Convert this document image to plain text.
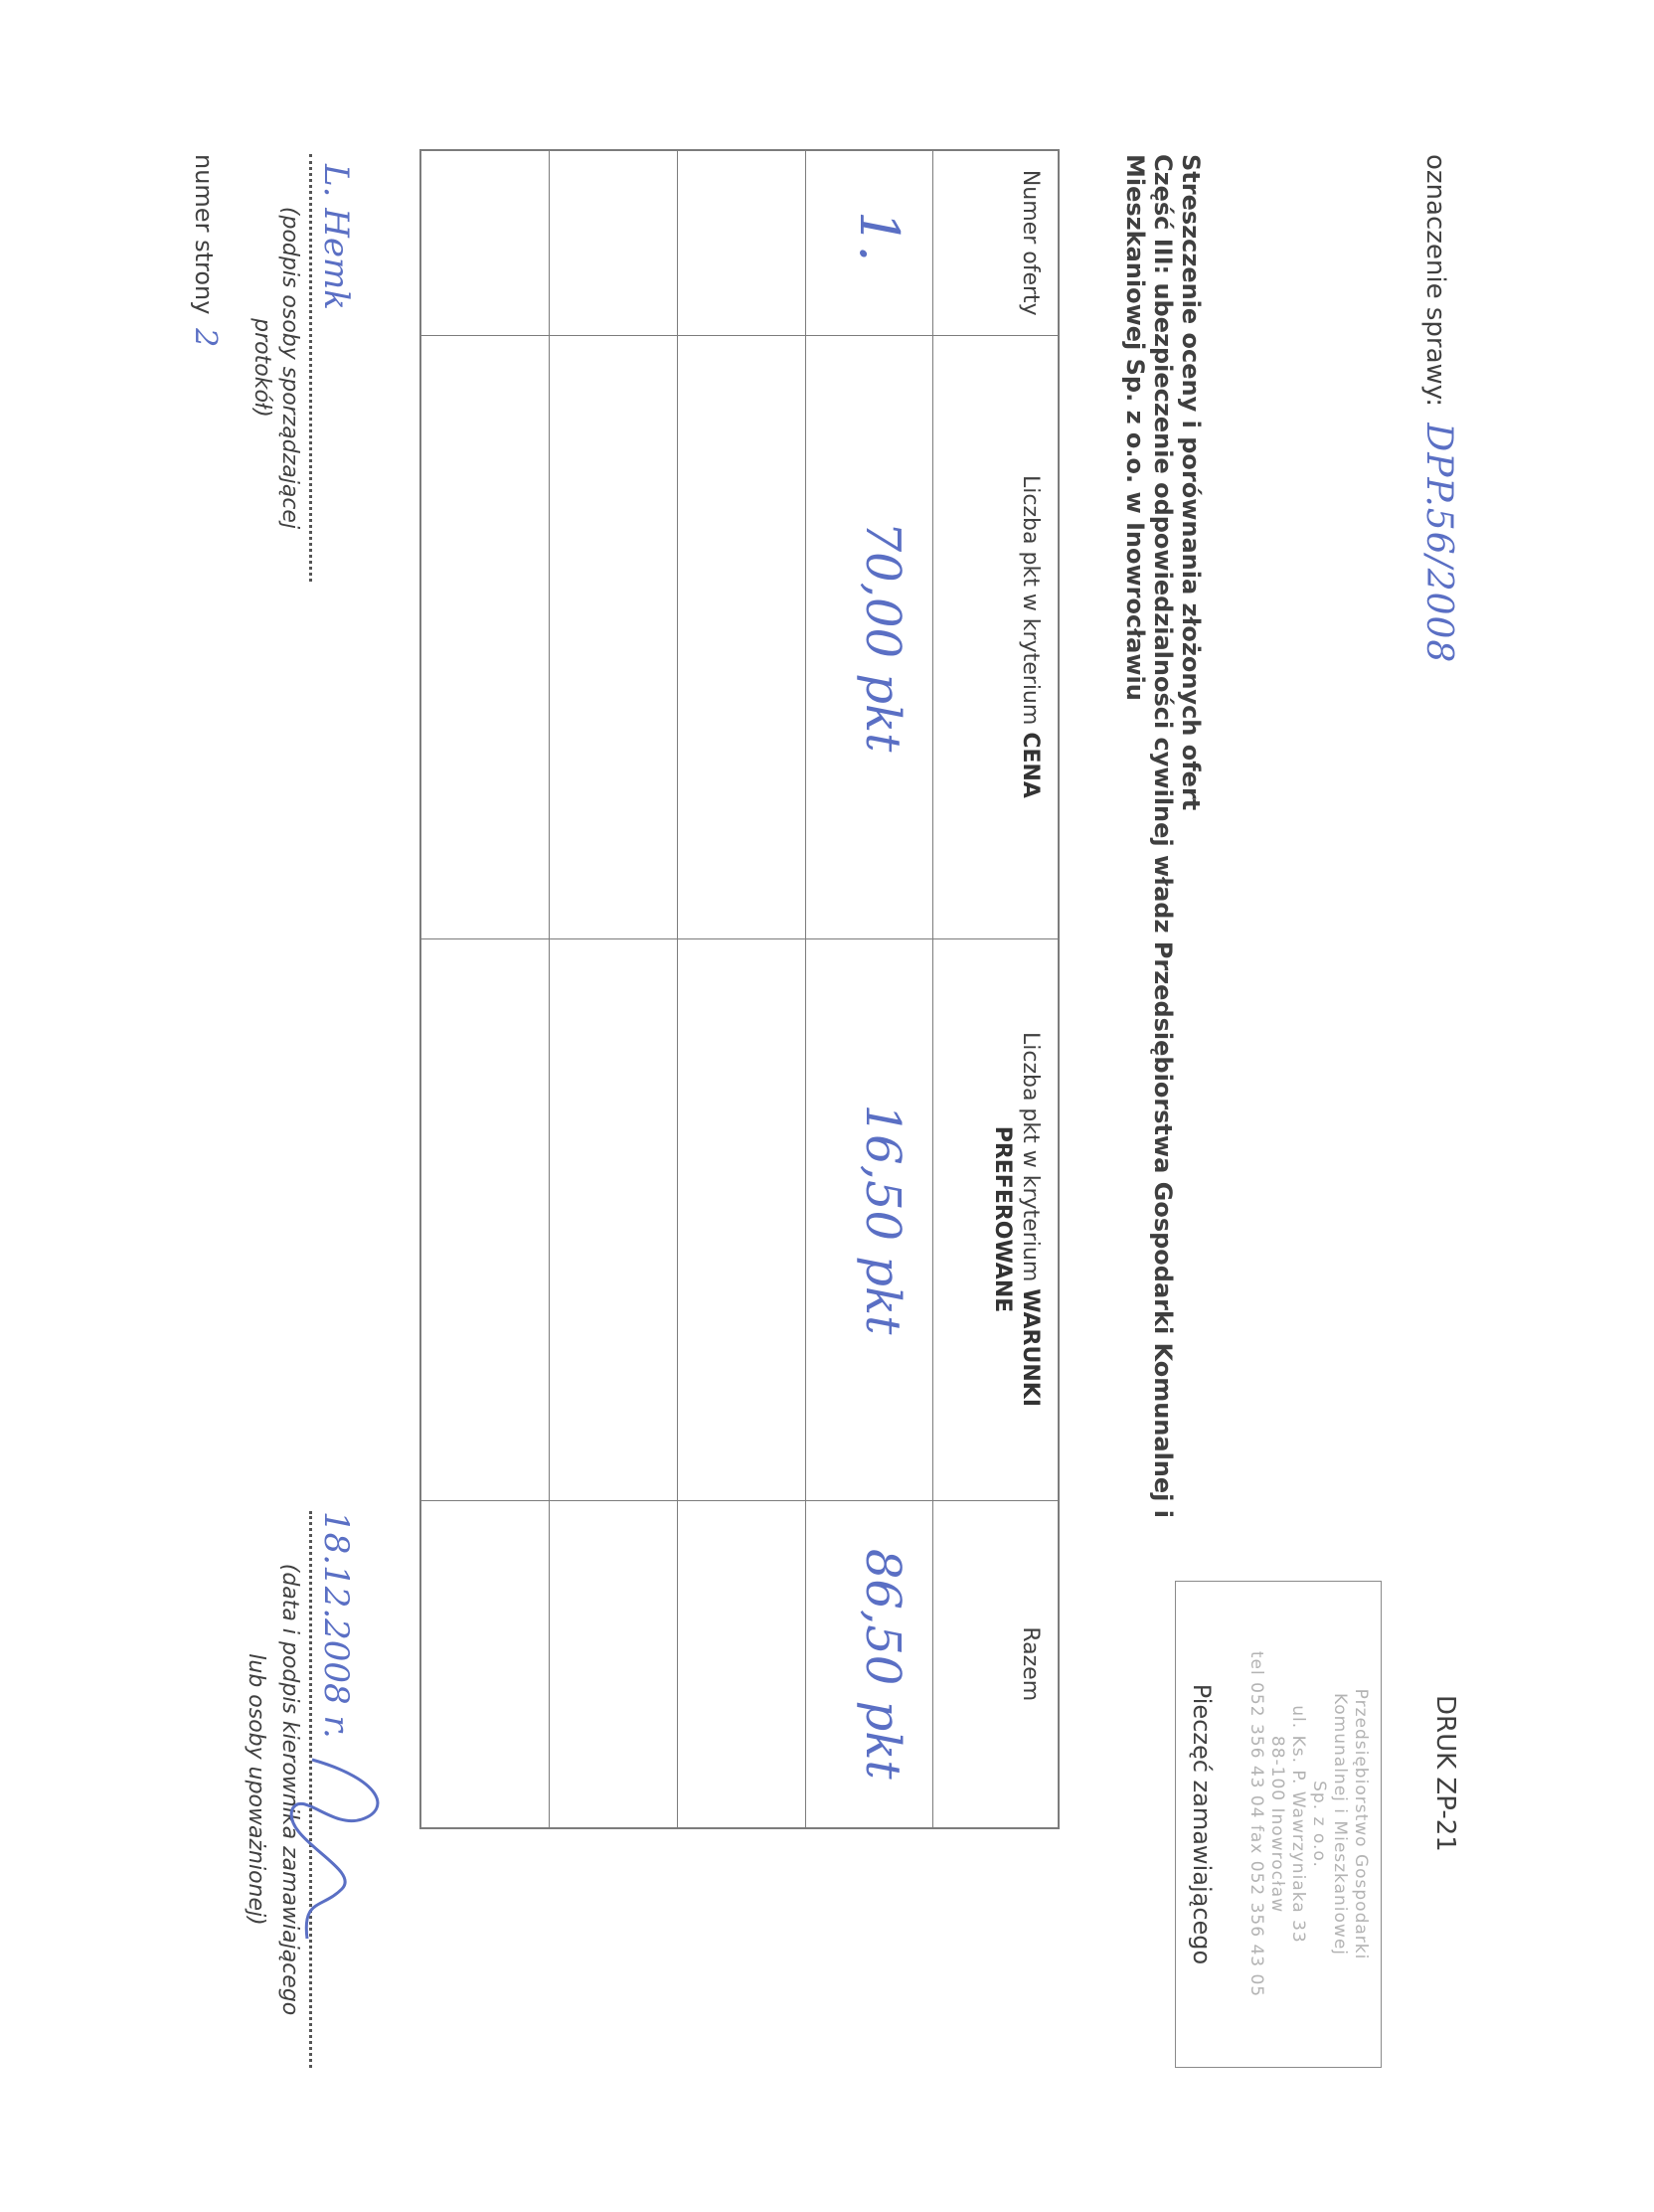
oznaczenie sprawy: DPP.56/2008
DRUK ZP-21
Przedsiębiorstwo Gospodarki
Komunalnej i Mieszkaniowej
Sp. z o.o.
ul. Ks. P. Wawrzyniaka 33
88-100 Inowrocław
tel 052 356 43 04 fax 052 356 43 05
Pieczęć zamawiającego
Streszczenie oceny i porównania złożonych ofert
Część III: ubezpieczenie odpowiedzialności cywilnej władz Przedsiębiorstwa Gospodarki Komunalnej i Mieszkaniowej Sp. z o.o. w Inowrocławiu
Numer oferty	Liczba pkt w kryterium CENA	Liczba pkt w kryterium WARUNKI PREFEROWANE	Razem
1.	70,00 pkt	16,50 pkt	86,50 pkt

L. Hemk
(podpis osoby sporządzającej protokół)
numer strony 2
18.12.2008 r.
(data i podpis kierownika zamawiającego
lub osoby upoważnionej)
